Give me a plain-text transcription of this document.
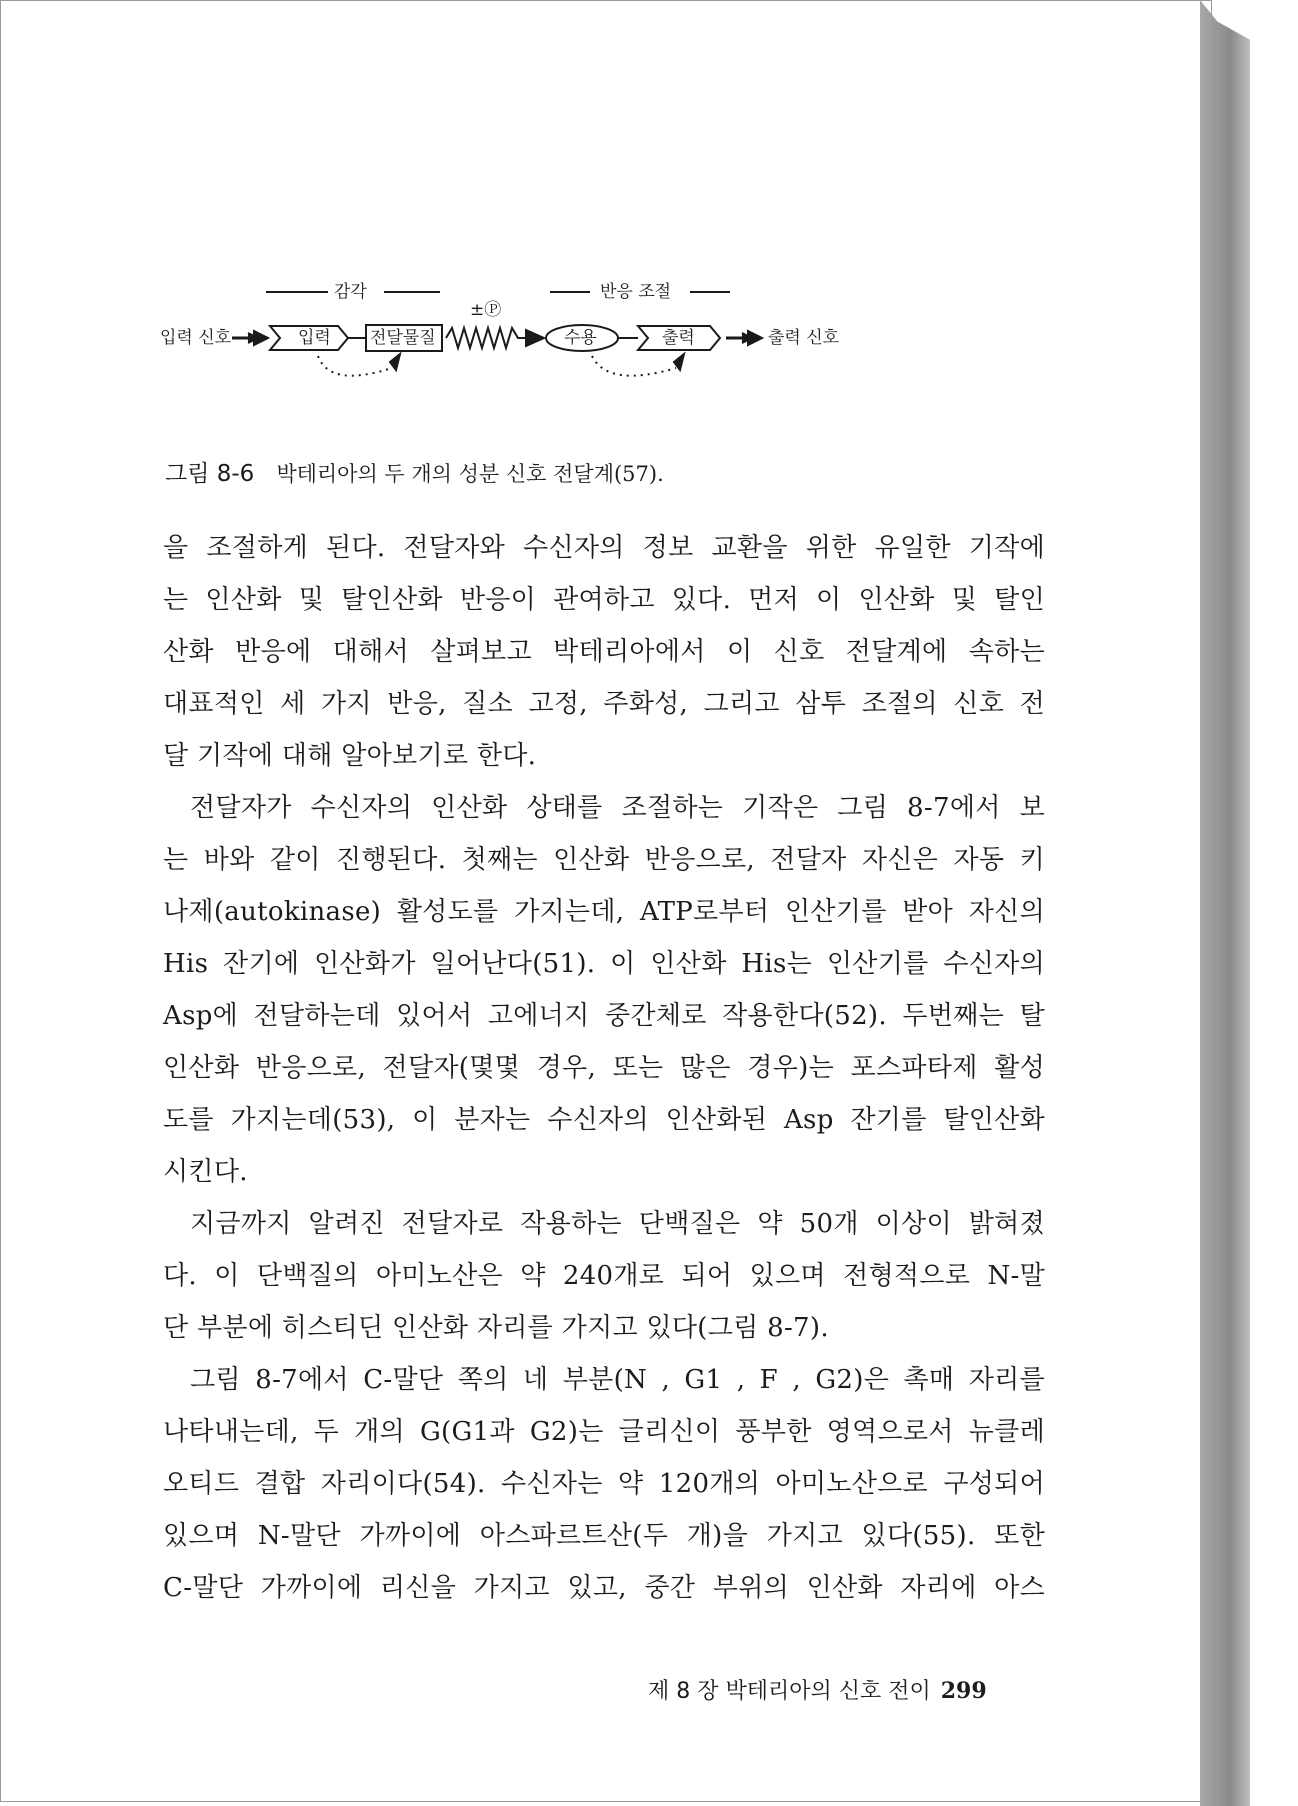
감각	반응 조절
입력 신호	입력 전달물질
±Ⓟ
수용	출력	출력 신호
그림 8-6 박테리아의 두 개의 성분 신호 전달계(57).
을 조절하게 된다. 전달자와 수신자의 정보 교환을 위한 유일한 기작에
는 인산화 및 탈인산화 반응이 관여하고 있다. 먼저 이 인산화 및 탈인
산화 반응에 대해서 살펴보고 박테리아에서 이 신호 전달계에 속하는
대표적인 세 가지 반응, 질소 고정, 주화성, 그리고 삼투 조절의 신호 전
달 기작에 대해 알아보기로 한다.
전달자가 수신자의 인산화 상태를 조절하는 기작은 그림 8-7에서 보
는 바와 같이 진행된다. 첫째는 인산화 반응으로, 전달자 자신은 자동 키
나제(autokinase) 활성도를 가지는데, ATP로부터 인산기를 받아 자신의
His 잔기에 인산화가 일어난다(51). 이 인산화 His는 인산기를 수신자의
Asp에 전달하는데 있어서 고에너지 중간체로 작용한다(52). 두번째는 탈
인산화 반응으로, 전달자(몇몇 경우, 또는 많은 경우)는 포스파타제 활성
도를 가지는데(53), 이 분자는 수신자의 인산화된 Asp 잔기를 탈인산화
시킨다.
지금까지 알려진 전달자로 작용하는 단백질은 약 50개 이상이 밝혀졌
다. 이 단백질의 아미노산은 약 240개로 되어 있으며 전형적으로 N-말
단 부분에 히스티딘 인산화 자리를 가지고 있다(그림 8-7).
그림 8-7에서 C-말단 쪽의 네 부분(N , G1 , F , G2)은 촉매 자리를
나타내는데, 두 개의 G(G1과 G2)는 글리신이 풍부한 영역으로서 뉴클레
오티드 결합 자리이다(54). 수신자는 약 120개의 아미노산으로 구성되어
있으며 N-말단 가까이에 아스파르트산(두 개)을 가지고 있다(55). 또한
C-말단 가까이에 리신을 가지고 있고, 중간 부위의 인산화 자리에 아스
제 8 장 박테리아의 신호 전이 299
